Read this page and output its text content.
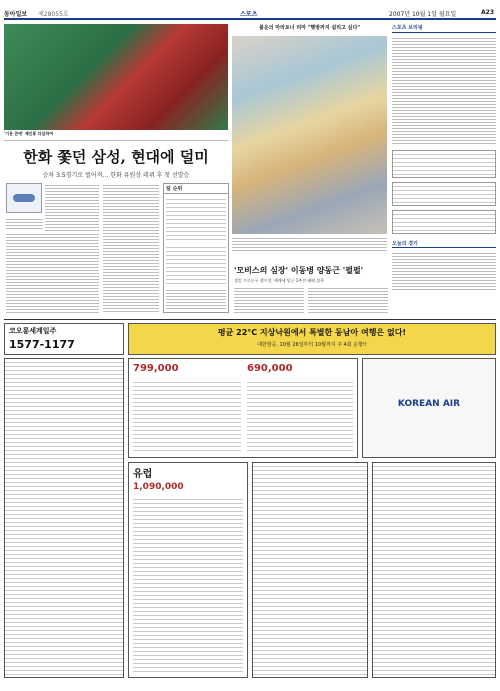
동아일보 제28055호	스포츠	2007년 10월 1일 월요일	A23
'기운 콘에' 제인통 다입하여
한화 쫓던 삼성, 현대에 덜미
승차 3.5경기로 벌어져… 한화 유원상 데뷔 후 첫 선발승
팀 순위
불운의 마라토너 리마 "행방까지 쉼리고 싶다"
'모비스의 심장' 이동병 양동근 '펄펄'
경일 프로농구 챔프전, 애매세 당군 1추전 패배 설욕
스포츠 브리핑
오늘의 경기
코오롱세계일주
1577-1177
평균 22°C 지상낙원에서 특별한 동남아 여행은 없다!
대한항공, 10월 26일부터 10월까지 주 4회 운항!!
799,000	690,000
KOREAN AIR
유럽
1,090,000
